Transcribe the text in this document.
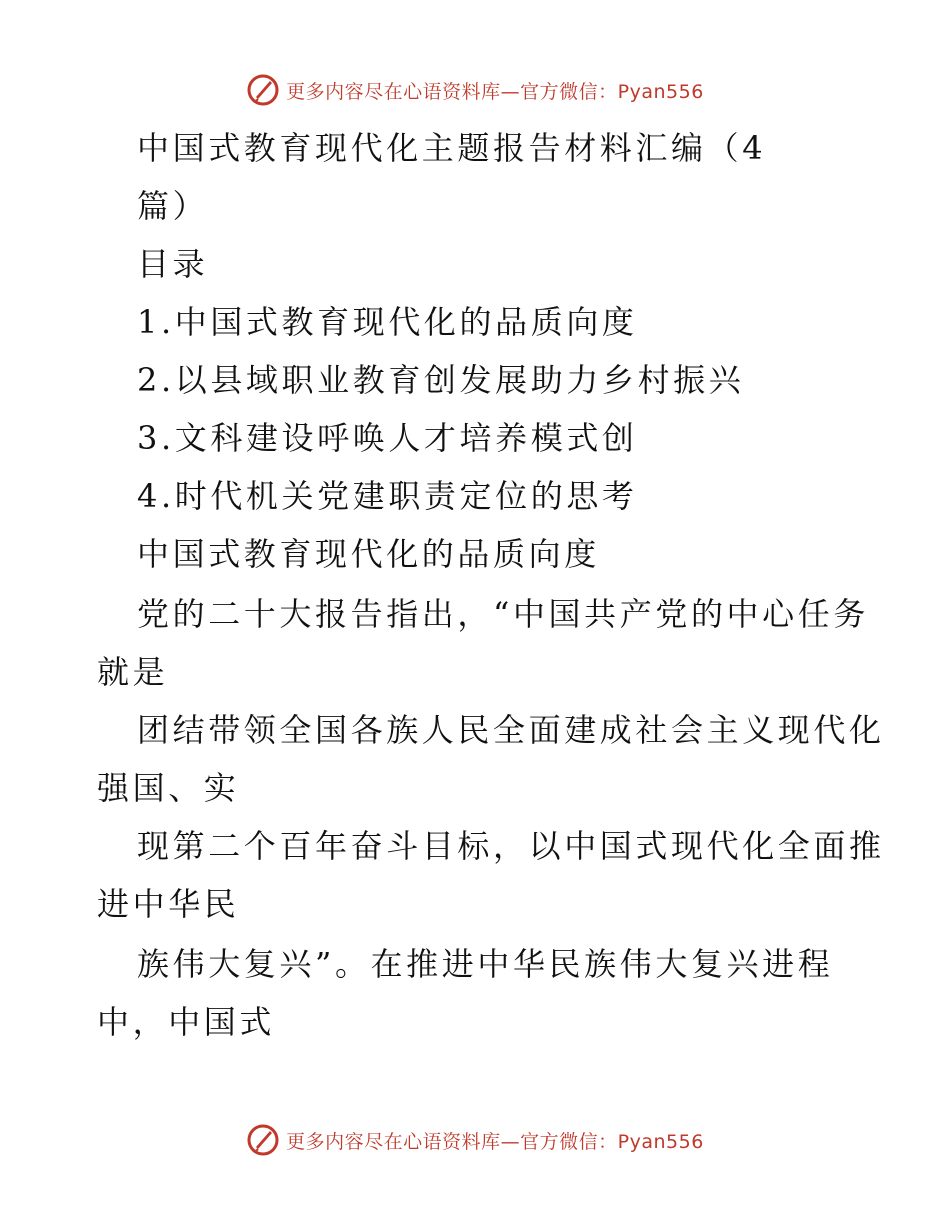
更多内容尽在心语资料库—官方微信：Pyan556
中国式教育现代化主题报告材料汇编（4
篇）
目录
1.中国式教育现代化的品质向度
2.以县域职业教育创发展助力乡村振兴
3.文科建设呼唤人才培养模式创
4.时代机关党建职责定位的思考
中国式教育现代化的品质向度
党的二十大报告指出，“中国共产党的中心任务
就是
团结带领全国各族人民全面建成社会主义现代化
强国、实
现第二个百年奋斗目标，以中国式现代化全面推
进中华民
族伟大复兴”。在推进中华民族伟大复兴进程
中，中国式
更多内容尽在心语资料库—官方微信：Pyan556
